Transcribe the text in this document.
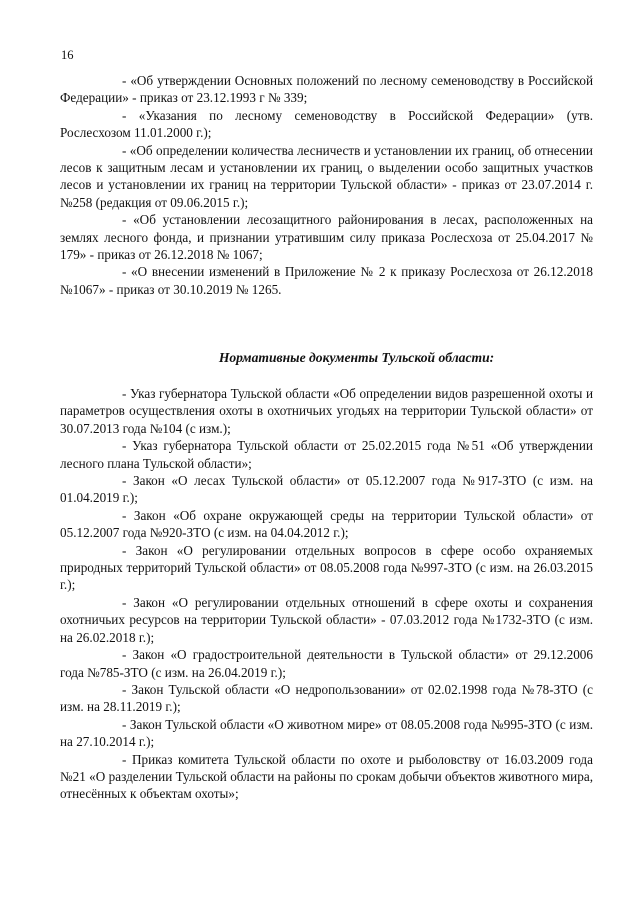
16

- «Об утверждении Основных положений по лесному семеноводству в Российской Федерации» - приказ от 23.12.1993 г № 339;

- «Указания по лесному семеноводству в Российской Федерации» (утв. Рослесхозом 11.01.2000 г.);

- «Об определении количества лесничеств и установлении их границ, об отнесении лесов к защитным лесам и установлении их границ, о выделении особо защитных участков лесов и установлении их границ на территории Тульской области» - приказ от 23.07.2014 г. №258 (редакция от 09.06.2015 г.);

- «Об установлении лесозащитного районирования в лесах, расположенных на землях лесного фонда, и признании утратившим силу приказа Рослесхоза от 25.04.2017 № 179» - приказ от 26.12.2018 № 1067;

- «О внесении изменений в Приложение № 2 к приказу Рослесхоза от 26.12.2018 №1067» - приказ от 30.10.2019 № 1265.

Нормативные документы Тульской области:

- Указ губернатора Тульской области «Об определении видов разрешенной охоты и параметров осуществления охоты в охотничьих угодьях на территории Тульской области» от 30.07.2013 года №104 (с изм.);

- Указ губернатора Тульской области от 25.02.2015 года №51 «Об утверждении лесного плана Тульской области»;

- Закон «О лесах Тульской области» от 05.12.2007 года №917-ЗТО (с изм. на 01.04.2019 г.);

- Закон «Об охране окружающей среды на территории Тульской области» от 05.12.2007 года №920-ЗТО (с изм. на 04.04.2012 г.);

- Закон «О регулировании отдельных вопросов в сфере особо охраняемых природных территорий Тульской области» от 08.05.2008 года №997-ЗТО (с изм. на 26.03.2015 г.);

- Закон «О регулировании отдельных отношений в сфере охоты и сохранения охотничьих ресурсов на территории Тульской области» - 07.03.2012 года №1732-ЗТО (с изм. на 26.02.2018 г.);

- Закон «О градостроительной деятельности в Тульской области» от 29.12.2006 года №785-ЗТО (с изм. на 26.04.2019 г.);

- Закон Тульской области «О недропользовании» от 02.02.1998 года №78-ЗТО (с изм. на 28.11.2019 г.);

- Закон Тульской области «О животном мире» от 08.05.2008 года №995-ЗТО (с изм. на 27.10.2014 г.);

- Приказ комитета Тульской области по охоте и рыболовству от 16.03.2009 года №21 «О разделении Тульской области на районы по срокам добычи объектов животного мира, отнесённых к объектам охоты»;
